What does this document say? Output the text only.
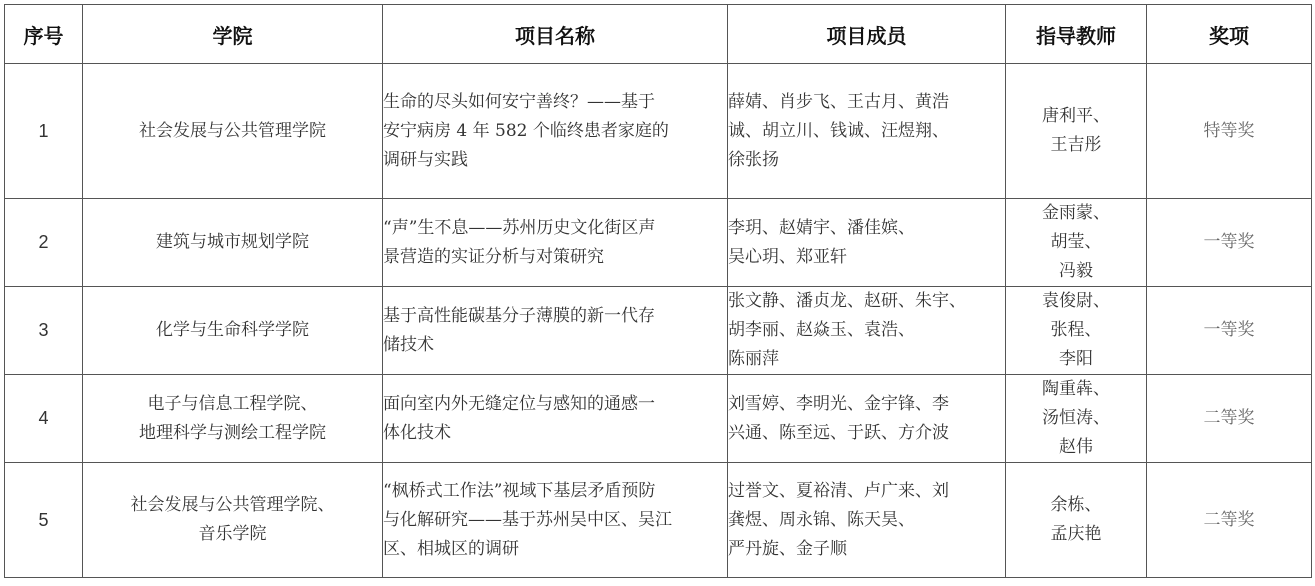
序号	学院	项目名称	项目成员	指导教师	奖项
1	社会发展与公共管理学院	生命的尽头如何安宁善终？——基于
安宁病房 4 年 582 个临终患者家庭的
调研与实践	薛婧、肖步飞、王古月、黄浩
诚、胡立川、钱诚、汪煜翔、
徐张扬	唐利平、
王吉彤	特等奖
2	建筑与城市规划学院	“声”生不息——苏州历史文化街区声
景营造的实证分析与对策研究	李玥、赵婧宇、潘佳嫔、
吴心玥、郑亚轩	金雨蒙、
胡莹、
冯毅	一等奖
3	化学与生命科学学院	基于高性能碳基分子薄膜的新一代存
储技术	张文静、潘贞龙、赵研、朱宇、
胡李丽、赵焱玉、袁浩、
陈丽萍	袁俊尉、
张程、
李阳	一等奖
4	电子与信息工程学院、
地理科学与测绘工程学院	面向室内外无缝定位与感知的通感一
体化技术	刘雪婷、李明光、金宇锋、李
兴通、陈至远、于跃、方介波	陶重犇、
汤恒涛、
赵伟	二等奖
5	社会发展与公共管理学院、
音乐学院	“枫桥式工作法”视域下基层矛盾预防
与化解研究——基于苏州吴中区、吴江
区、相城区的调研	过誉文、夏裕清、卢广来、刘
龚煜、周永锦、陈天昊、
严丹旋、金子顺	余栋、
孟庆艳	二等奖
